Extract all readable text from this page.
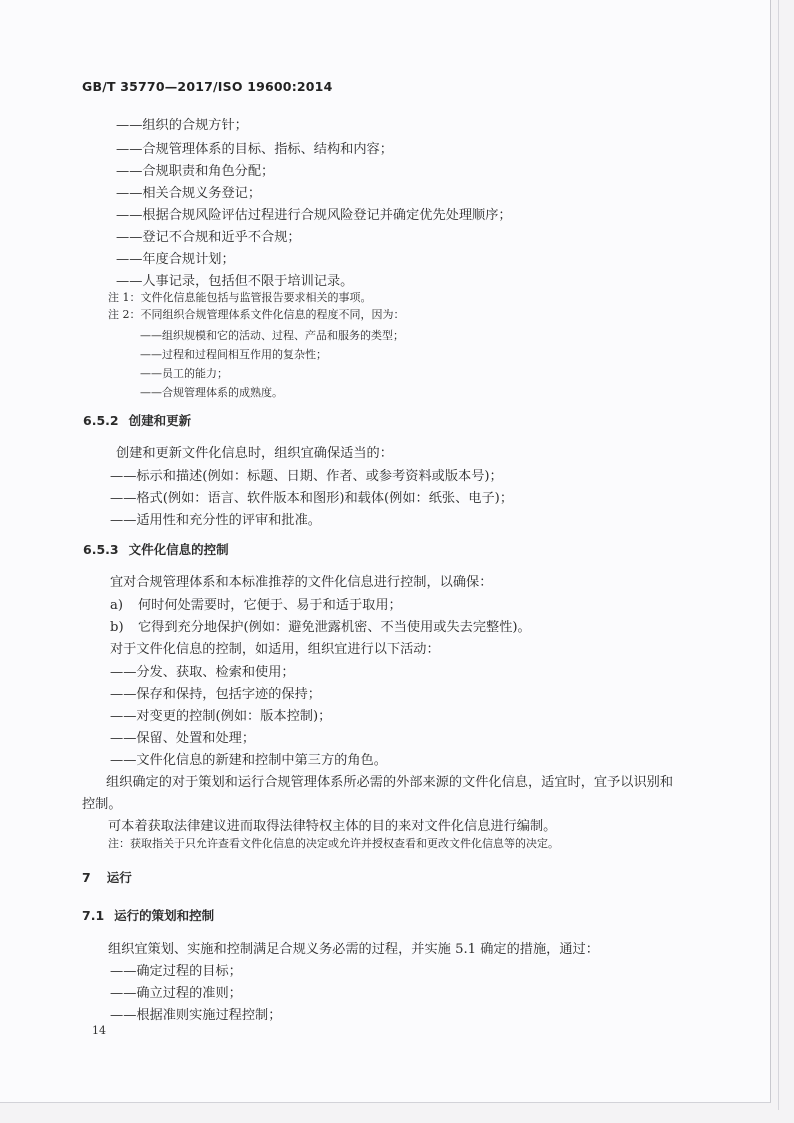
GB/T 35770—2017/ISO 19600:2014
——组织的合规方针；
——合规管理体系的目标、指标、结构和内容；
——合规职责和角色分配；
——相关合规义务登记；
——根据合规风险评估过程进行合规风险登记并确定优先处理顺序；
——登记不合规和近乎不合规；
——年度合规计划；
——人事记录，包括但不限于培训记录。
注 1：文件化信息能包括与监管报告要求相关的事项。
注 2：不同组织合规管理体系文件化信息的程度不同，因为：
——组织规模和它的活动、过程、产品和服务的类型；
——过程和过程间相互作用的复杂性；
——员工的能力；
——合规管理体系的成熟度。
6.5.2 创建和更新
创建和更新文件化信息时，组织宜确保适当的：
——标示和描述(例如：标题、日期、作者、或参考资料或版本号)；
——格式(例如：语言、软件版本和图形)和载体(例如：纸张、电子)；
——适用性和充分性的评审和批准。
6.5.3 文件化信息的控制
宜对合规管理体系和本标准推荐的文件化信息进行控制，以确保：
a) 何时何处需要时，它便于、易于和适于取用；
b) 它得到充分地保护(例如：避免泄露机密、不当使用或失去完整性)。
对于文件化信息的控制，如适用，组织宜进行以下活动：
——分发、获取、检索和使用；
——保存和保持，包括字迹的保持；
——对变更的控制(例如：版本控制)；
——保留、处置和处理；
——文件化信息的新建和控制中第三方的角色。
组织确定的对于策划和运行合规管理体系所必需的外部来源的文件化信息，适宜时，宜予以识别和
控制。
可本着获取法律建议进而取得法律特权主体的目的来对文件化信息进行编制。
注：获取指关于只允许查看文件化信息的决定或允许并授权查看和更改文件化信息等的决定。
7 运行
7.1 运行的策划和控制
组织宜策划、实施和控制满足合规义务必需的过程，并实施 5.1 确定的措施，通过：
——确定过程的目标；
——确立过程的准则；
——根据准则实施过程控制；
14
